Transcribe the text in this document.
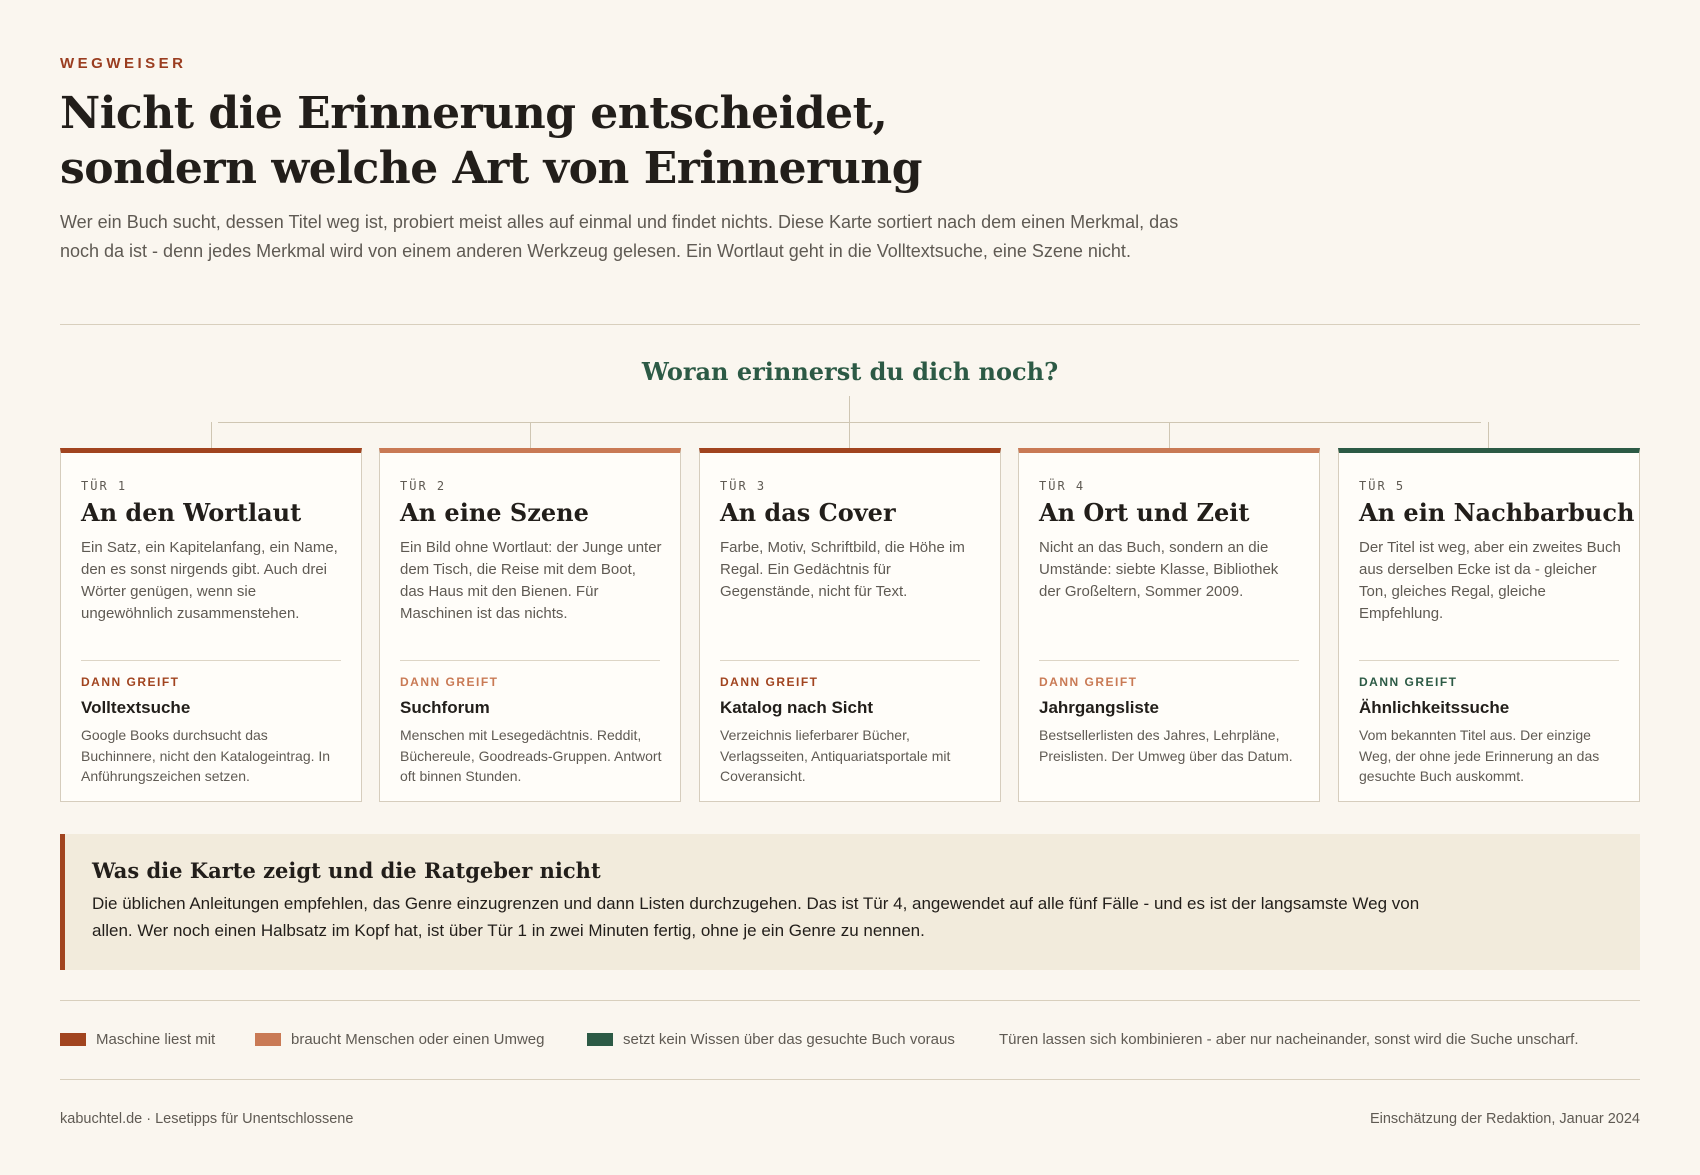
WEGWEISER
Nicht die Erinnerung entscheidet,
sondern welche Art von Erinnerung

Wer ein Buch sucht, dessen Titel weg ist, probiert meist alles auf einmal und findet nichts. Diese Karte sortiert nach dem einen Merkmal, das noch da ist - denn jedes Merkmal wird von einem anderen Werkzeug gelesen. Ein Wortlaut geht in die Volltextsuche, eine Szene nicht.

Woran erinnerst du dich noch?
TÜR 1
An den Wortlaut
Ein Satz, ein Kapitelanfang, ein Name, den es sonst nirgends gibt. Auch drei Wörter genügen, wenn sie ungewöhnlich zusammenstehen.
DANN GREIFT
Volltextsuche
Google Books durchsucht das Buchinnere, nicht den Katalogeintrag. In Anführungszeichen setzen.
TÜR 2
An eine Szene
Ein Bild ohne Wortlaut: der Junge unter dem Tisch, die Reise mit dem Boot, das Haus mit den Bienen. Für Maschinen ist das nichts.
DANN GREIFT
Suchforum
Menschen mit Lesegedächtnis. Reddit, Büchereule, Goodreads-Gruppen. Antwort oft binnen Stunden.
TÜR 3
An das Cover
Farbe, Motiv, Schriftbild, die Höhe im Regal. Ein Gedächtnis für Gegenstände, nicht für Text.
DANN GREIFT
Katalog nach Sicht
Verzeichnis lieferbarer Bücher, Verlagsseiten, Antiquariatsportale mit Coveransicht.
TÜR 4
An Ort und Zeit
Nicht an das Buch, sondern an die Umstände: siebte Klasse, Bibliothek der Großeltern, Sommer 2009.
DANN GREIFT
Jahrgangsliste
Bestsellerlisten des Jahres, Lehrpläne, Preislisten. Der Umweg über das Datum.
TÜR 5
An ein Nachbarbuch
Der Titel ist weg, aber ein zweites Buch aus derselben Ecke ist da - gleicher Ton, gleiches Regal, gleiche Empfehlung.
DANN GREIFT
Ähnlichkeitssuche
Vom bekannten Titel aus. Der einzige Weg, der ohne jede Erinnerung an das gesuchte Buch auskommt.
Was die Karte zeigt und die Ratgeber nicht
Die üblichen Anleitungen empfehlen, das Genre einzugrenzen und dann Listen durchzugehen. Das ist Tür 4, angewendet auf alle fünf Fälle - und es ist der langsamste Weg von allen. Wer noch einen Halbsatz im Kopf hat, ist über Tür 1 in zwei Minuten fertig, ohne je ein Genre zu nennen.
Maschine liest mit	braucht Menschen oder einen Umweg	setzt kein Wissen über das gesuchte Buch voraus	Türen lassen sich kombinieren - aber nur nacheinander, sonst wird die Suche unscharf.
kabuchtel.de · Lesetipps für Unentschlossene	Einschätzung der Redaktion, Januar 2024
